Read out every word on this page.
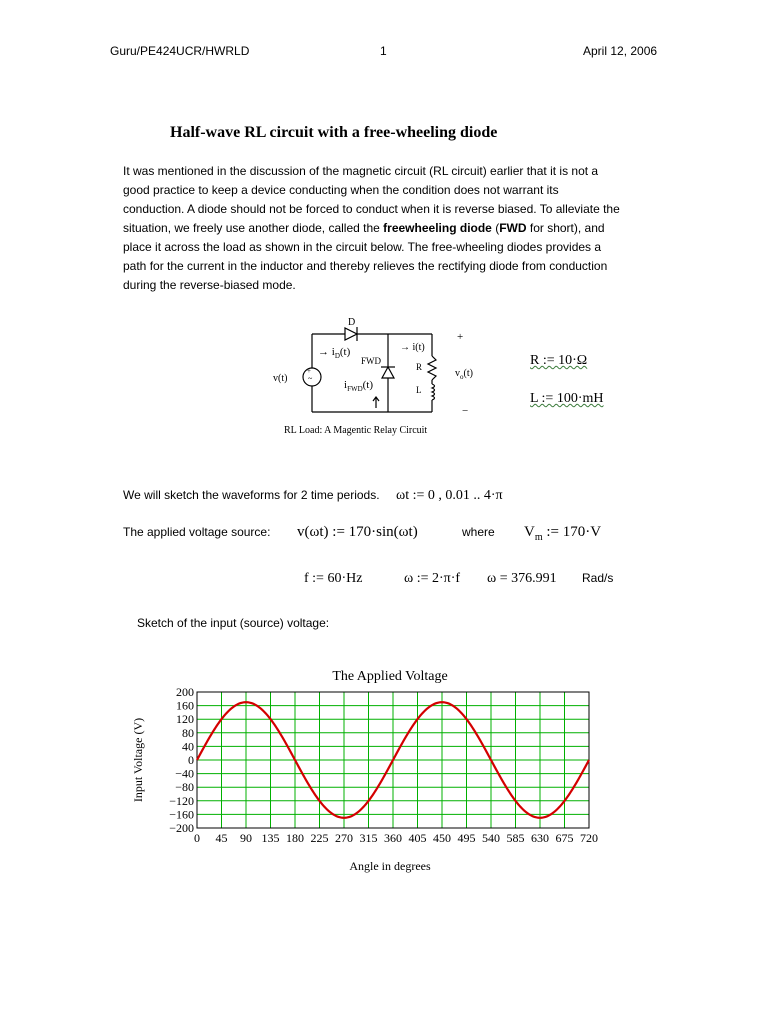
Guru/PE424UCR/HWRLD	1	April 12, 2006
Half-wave RL circuit with a free-wheeling diode
It was mentioned in the discussion of the magnetic circuit (RL circuit) earlier that it is not a good practice to keep a device conducting when the condition does not warrant its conduction. A diode should not be forced to conduct when it is reverse biased. To alleviate the situation, we freely use another diode, called the freewheeling diode (FWD for short), and place it across the load as shown in the circuit below. The free-wheeling diodes provides a path for the current in the inductor and thereby relieves the rectifying diode from conduction during the reverse-biased mode.
+
~
−
v(t)
D
→ $i_D(t)$
FWD
$i_{FWD}(t)$
→ i(t)
R
L
$v_o(t)$
+
−
RL Load: A Magentic Relay Circuit
R := 10·Ω
L := 100·mH
We will sketch the waveforms for 2 time periods. ωt := 0 , 0.01 .. 4·π
The applied voltage source: v(ωt) := 170·sin(ωt)	where $V_m$ := 170·V
f := 60·Hz	ω := 2·π·f ω = 376.991 Rad/s
Sketch of the input (source) voltage:
The Applied Voltage
200
160
120
80
40
0
−40
−80
−120
−160
−200
0 45 90 135 180 225 270 315 360 405 450 495 540 585 630 675 720
Input Voltage (V)
Angle in degrees
